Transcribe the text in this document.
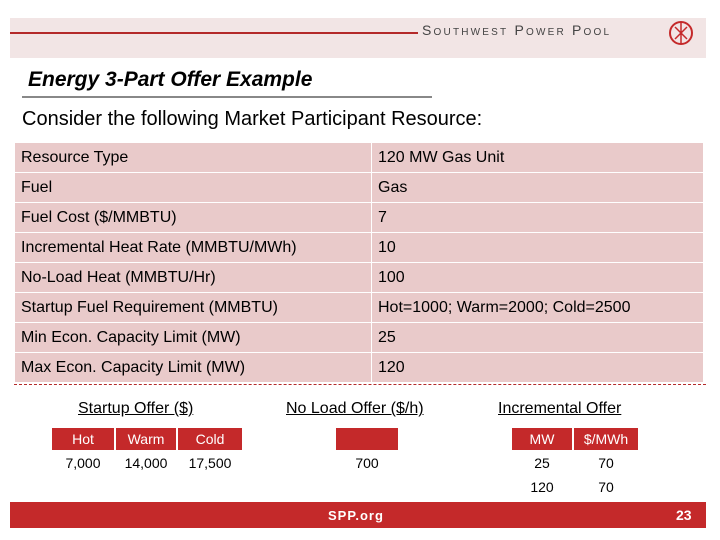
Southwest Power Pool
Energy 3-Part Offer Example
Consider the following Market Participant Resource:
Resource Type	120 MW Gas Unit
Fuel	Gas
Fuel Cost ($/MMBTU)	7
Incremental Heat Rate (MMBTU/MWh)	10
No-Load Heat (MMBTU/Hr)	100
Startup Fuel Requirement (MMBTU)	Hot=1000; Warm=2000; Cold=2500
Min Econ. Capacity Limit (MW)	25
Max Econ. Capacity Limit (MW)	120
Startup Offer ($)
Hot	Warm	Cold
7,000	14,000	17,500
No Load Offer ($/h)
700
Incremental Offer
MW	$/MWh
25	70
120	70
SPP.org	23
